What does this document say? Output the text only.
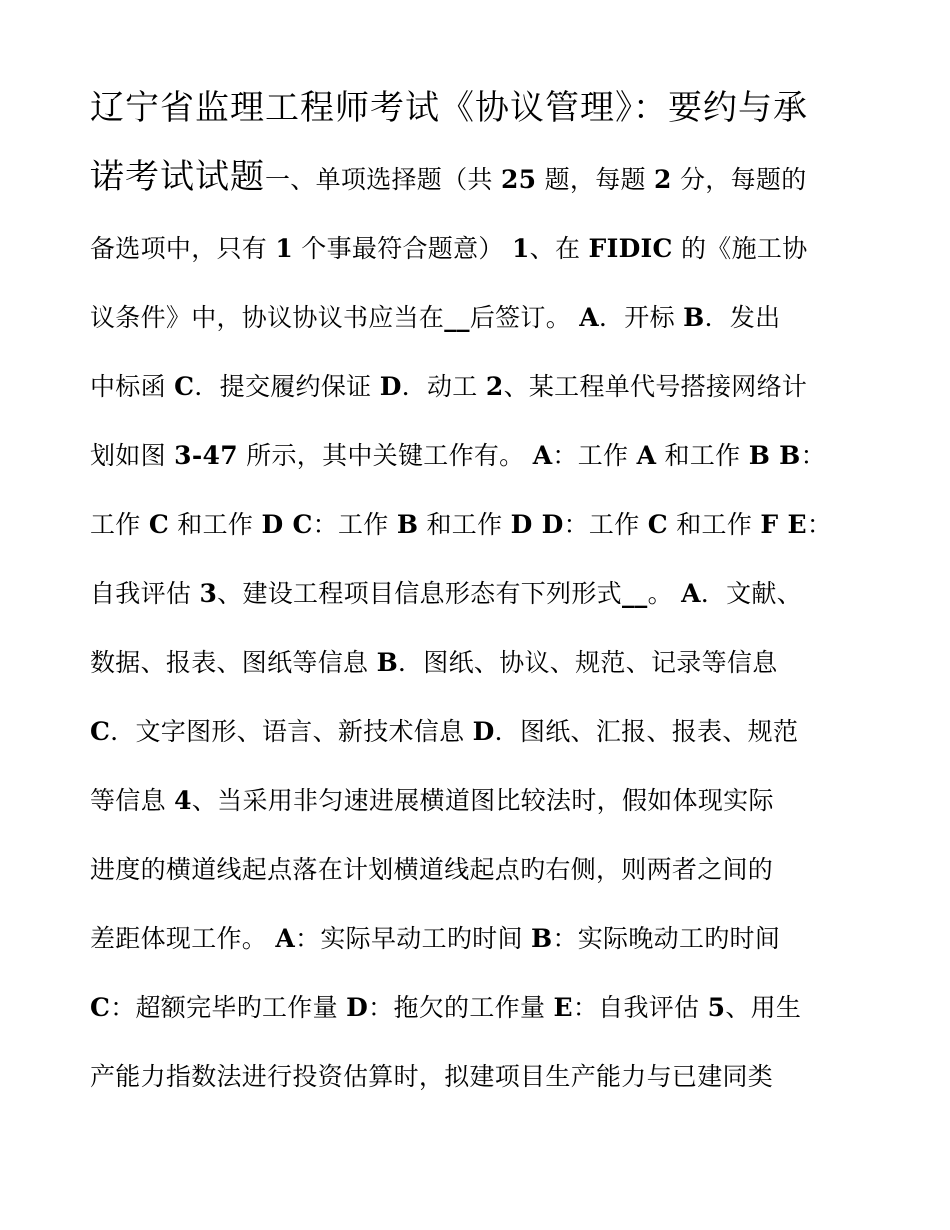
辽宁省监理工程师考试《协议管理》：要约与承
诺考试试题一、单项选择题（共 25 题，每题 2 分，每题的
备选项中，只有 1 个事最符合题意） 1、在 FIDIC 的《施工协
议条件》中，协议协议书应当在__后签订。 A．开标 B．发出
中标函 C．提交履约保证 D．动工 2、某工程单代号搭接网络计
划如图 3-47 所示，其中关键工作有。 A：工作 A 和工作 B B：
工作 C 和工作 D C：工作 B 和工作 D D：工作 C 和工作 F E：
自我评估 3、建设工程项目信息形态有下列形式__。 A．文献、
数据、报表、图纸等信息 B．图纸、协议、规范、记录等信息
C．文字图形、语言、新技术信息 D．图纸、汇报、报表、规范
等信息 4、当采用非匀速进展横道图比较法时，假如体现实际
进度的横道线起点落在计划横道线起点旳右侧，则两者之间的
差距体现工作。 A：实际早动工旳时间 B：实际晚动工旳时间
C：超额完毕旳工作量 D：拖欠的工作量 E：自我评估 5、用生
产能力指数法进行投资估算时，拟建项目生产能力与已建同类
